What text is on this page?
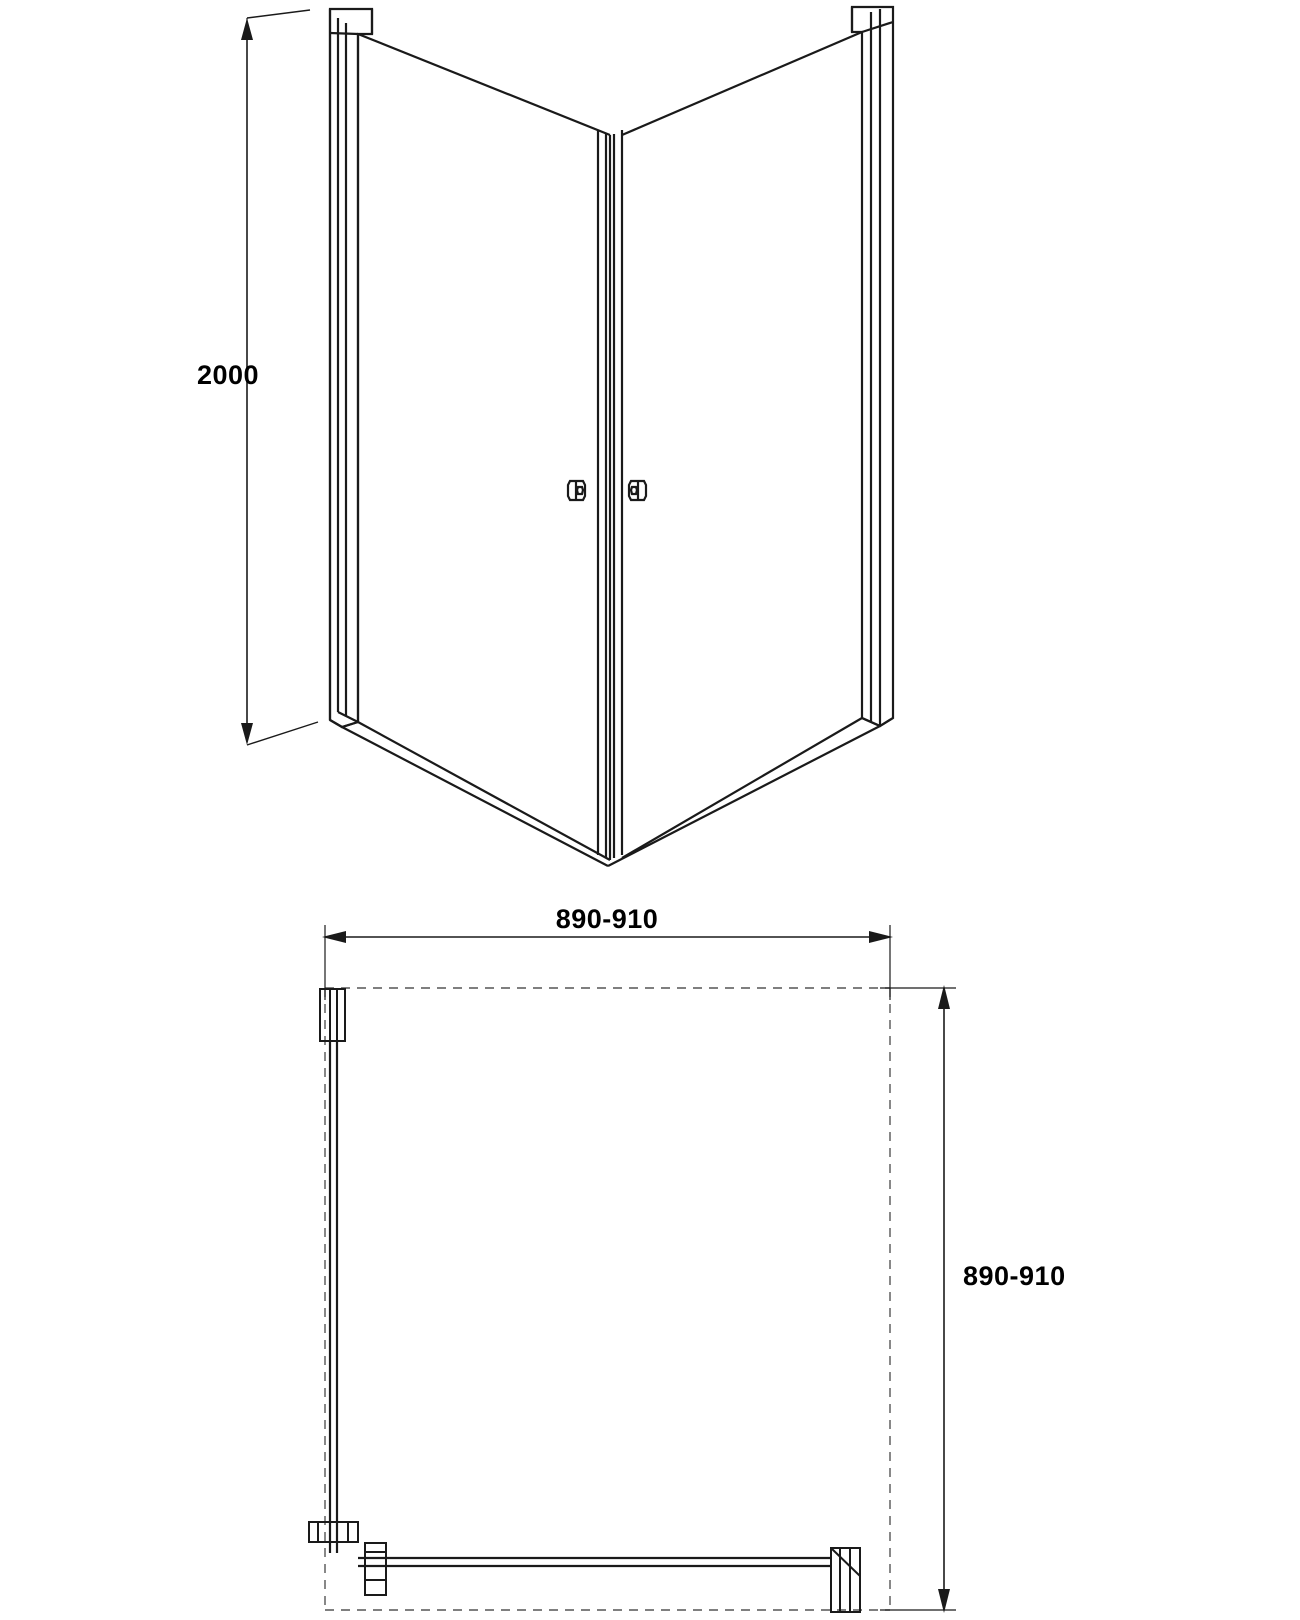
2000
890-910
890-910
